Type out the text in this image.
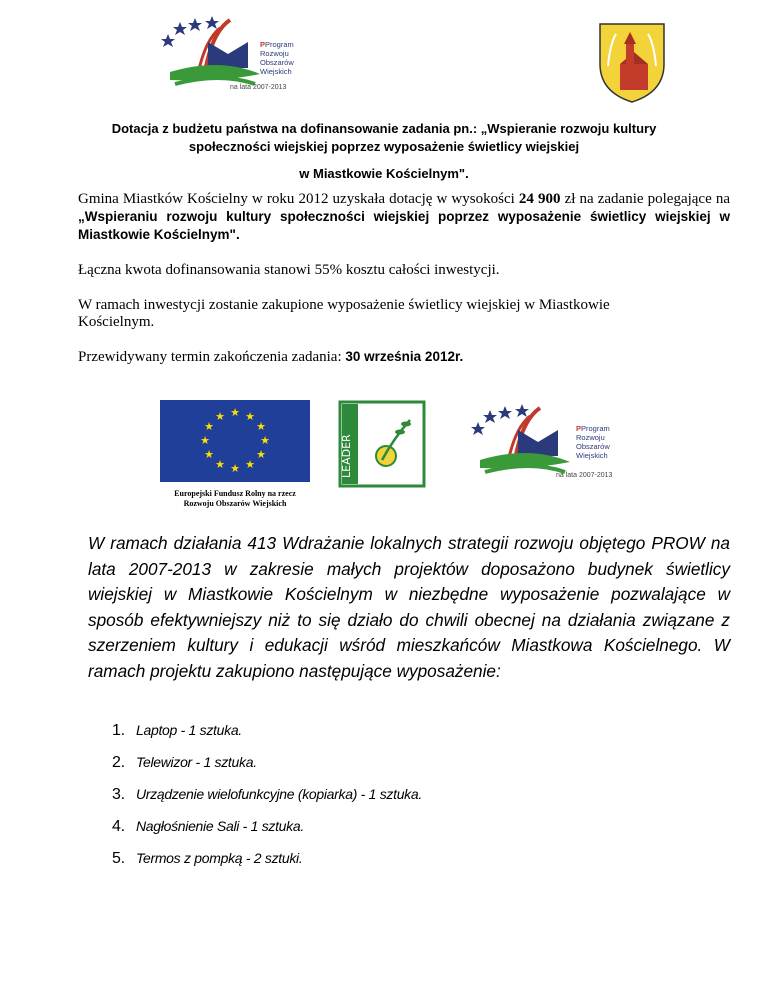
PProgram
Rozwoju
Obszarów
Wiejskich
na lata 2007-2013
Dotacja z budżetu państwa na dofinansowanie zadania pn.: „Wspieranie rozwoju kultury społeczności wiejskiej poprzez wyposażenie świetlicy wiejskiej
w Miastkowie Kościelnym".
Gmina Miastków Kościelny w roku 2012 uzyskała dotację w wysokości 24 900 zł na zadanie polegające na „Wspieraniu rozwoju kultury społeczności wiejskiej poprzez wyposażenie świetlicy wiejskiej w Miastkowie Kościelnym".
Łączna kwota dofinansowania stanowi 55% kosztu całości inwestycji.
W ramach inwestycji zostanie zakupione wyposażenie świetlicy wiejskiej w Miastkowie Kościelnym.
Przewidywany termin zakończenia zadania: 30 września 2012r.
★ ★
★
★
★
★
★
★
★
★
★
★
Europejski Fundusz Rolny na rzecz
Rozwoju Obszarów Wiejskich
LEADER
PProgram
Rozwoju
Obszarów
Wiejskich
na lata 2007-2013
W ramach działania 413 Wdrażanie lokalnych strategii rozwoju objętego PROW na lata 2007-2013 w zakresie małych projektów doposażono budynek świetlicy wiejskiej w Miastkowie Kościelnym w niezbędne wyposażenie pozwalające w sposób efektywniejszy niż to się działo do chwili obecnej na działania związane z szerzeniem kultury i edukacji wśród mieszkańców Miastkowa Kościelnego. W ramach projektu zakupiono następujące wyposażenie:
1. Laptop - 1 sztuka.
2. Telewizor - 1 sztuka.
3. Urządzenie wielofunkcyjne (kopiarka) - 1 sztuka.
4. Nagłośnienie Sali - 1 sztuka.
5. Termos z pompką - 2 sztuki.
